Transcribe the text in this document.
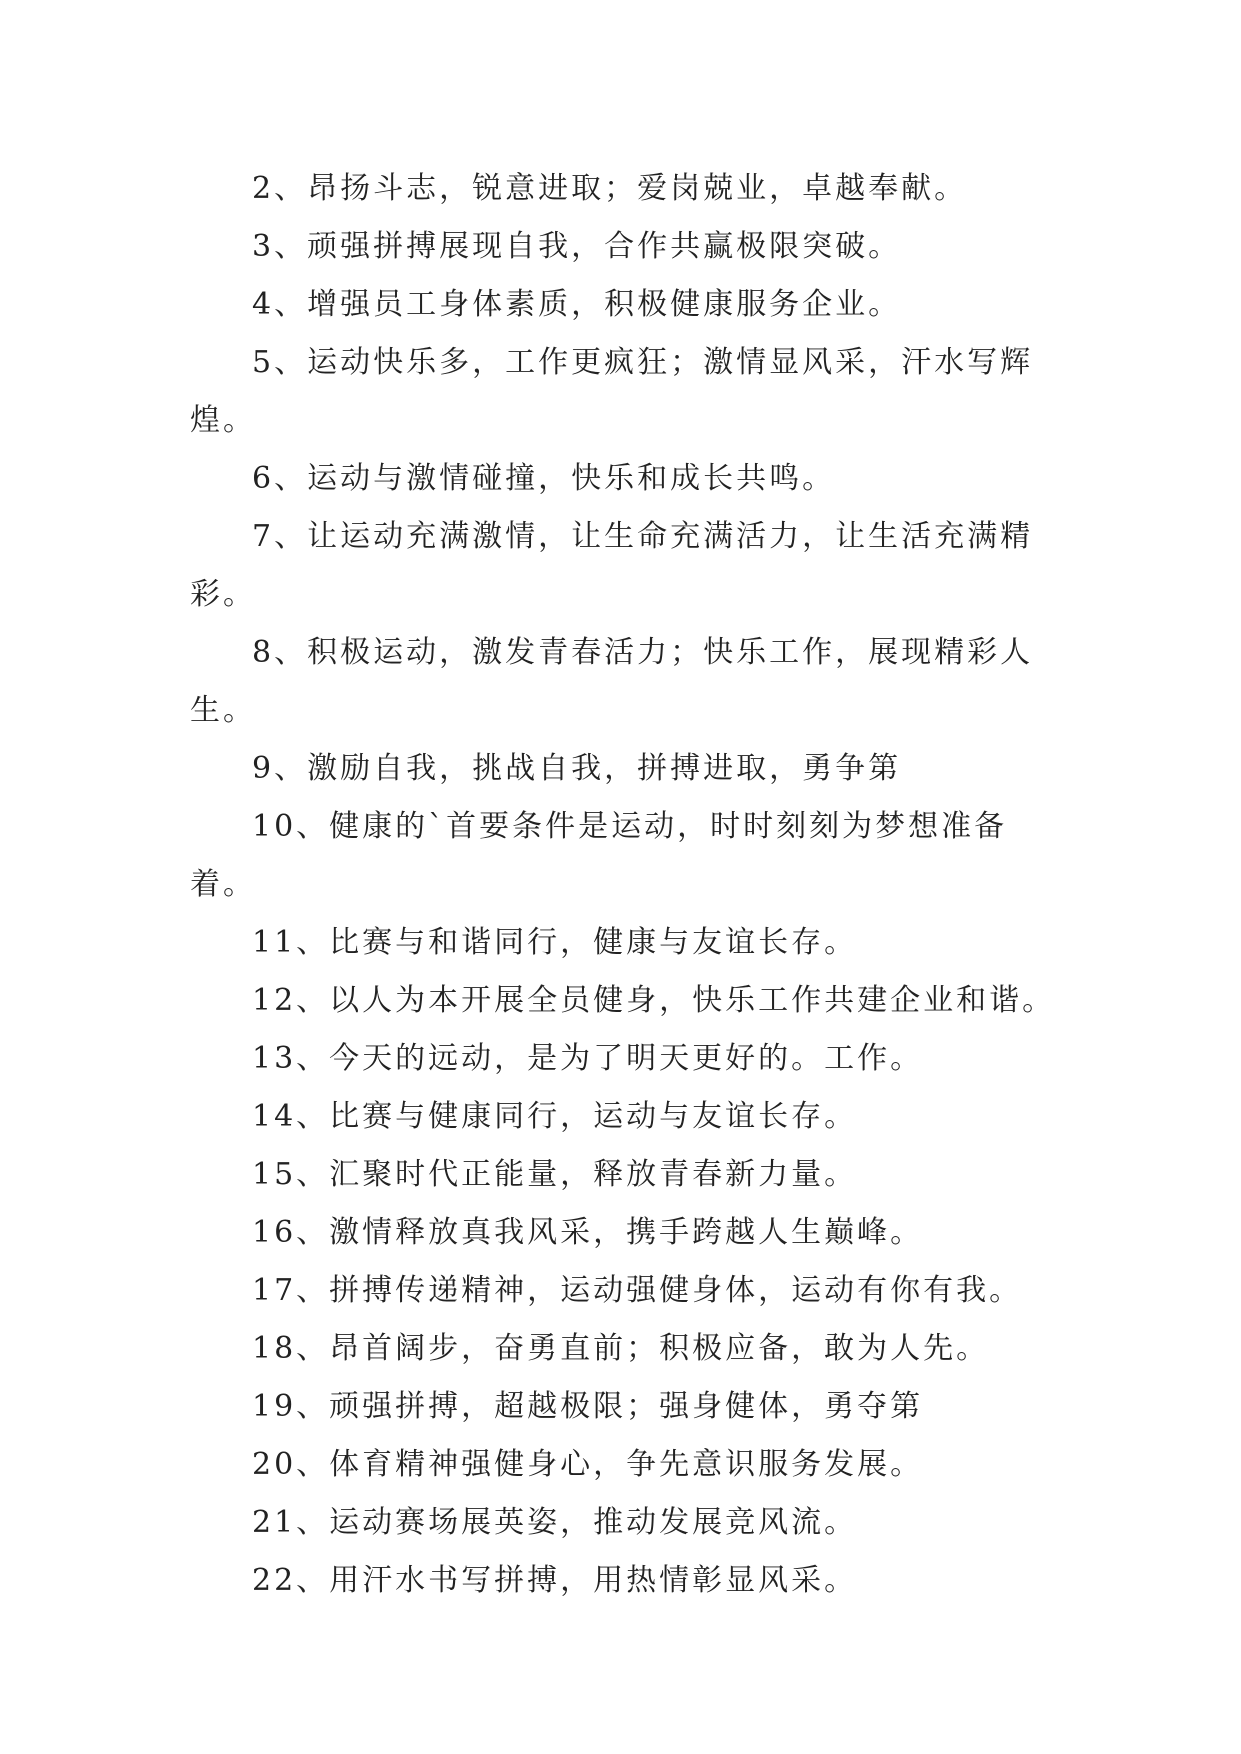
2、昂扬斗志，锐意进取；爱岗兢业，卓越奉献。

3、顽强拼搏展现自我，合作共赢极限突破。

4、增强员工身体素质，积极健康服务企业。

5、运动快乐多，工作更疯狂；激情显风采，汗水写辉煌。

6、运动与激情碰撞，快乐和成长共鸣。

7、让运动充满激情，让生命充满活力，让生活充满精彩。

8、积极运动，激发青春活力；快乐工作，展现精彩人生。

9、激励自我，挑战自我，拼搏进取，勇争第

10、健康的`首要条件是运动，时时刻刻为梦想准备着。

11、比赛与和谐同行，健康与友谊长存。

12、以人为本开展全员健身，快乐工作共建企业和谐。

13、今天的远动，是为了明天更好的。工作。

14、比赛与健康同行，运动与友谊长存。

15、汇聚时代正能量，释放青春新力量。

16、激情释放真我风采，携手跨越人生巅峰。

17、拼搏传递精神，运动强健身体，运动有你有我。

18、昂首阔步，奋勇直前；积极应备，敢为人先。

19、顽强拼搏，超越极限；强身健体，勇夺第

20、体育精神强健身心，争先意识服务发展。

21、运动赛场展英姿，推动发展竞风流。

22、用汗水书写拼搏，用热情彰显风采。
